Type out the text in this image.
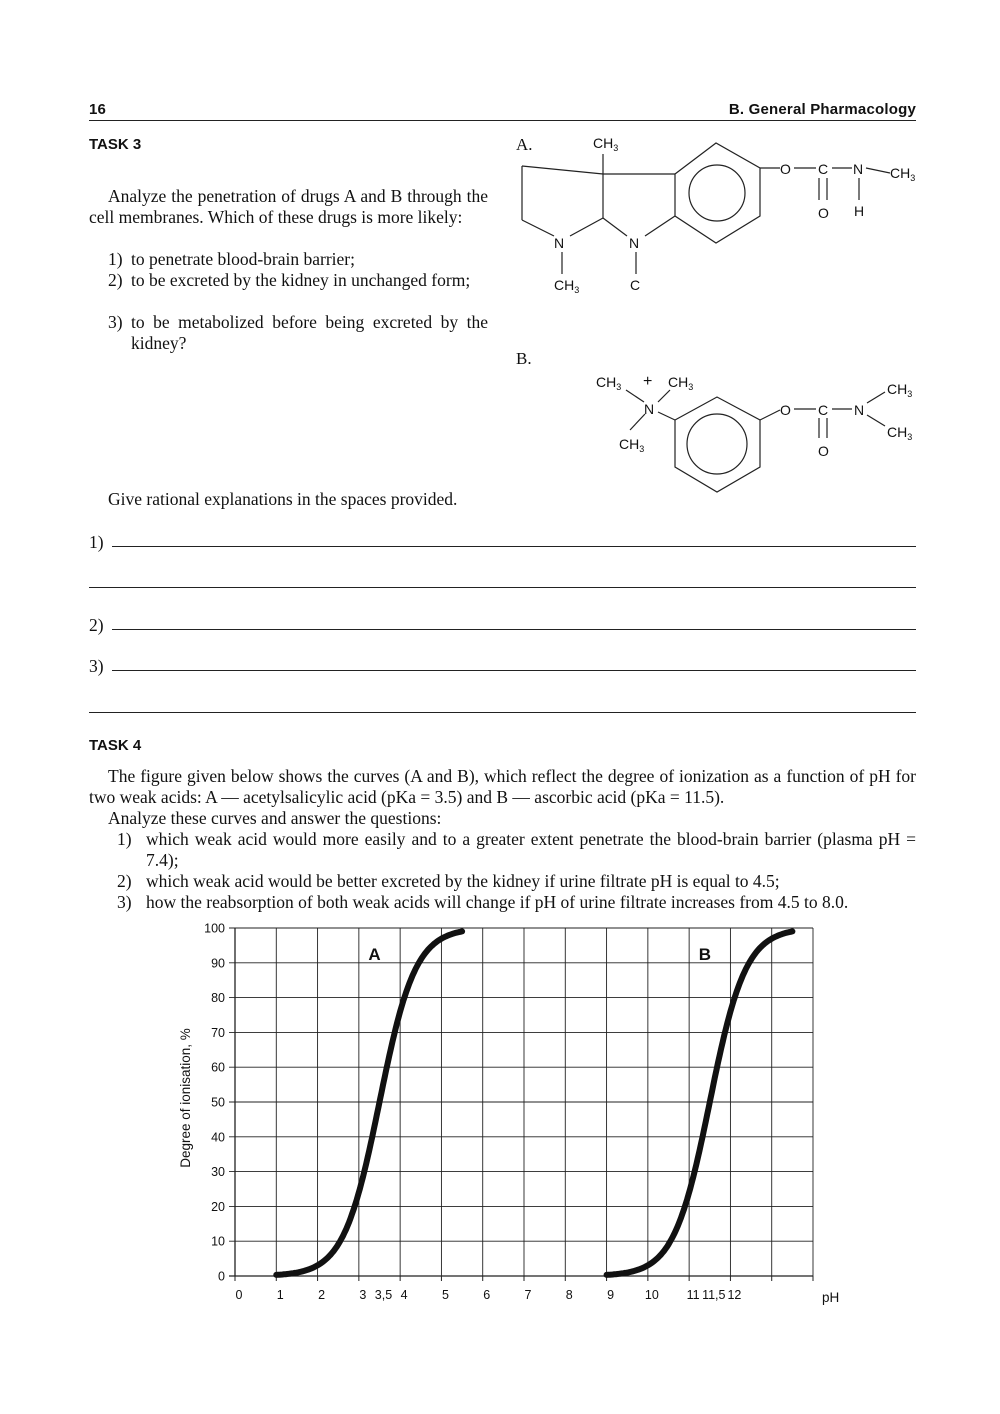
16	B. General Pharmacology
TASK 3
Analyze the penetration of drugs A and B through the cell membranes. Which of these drugs is more likely:
1) to penetrate blood-brain barrier;
2) to be excreted by the kidney in unchanged form;
3) to be metabolized before being excreted by the kidney?
A.	$CH_3$
N	N
$CH_3$	C
O C N $CH_3$
O H
B.
$CH_3 + CH_3$
N
$CH_3$
O C N
$CH_3$
$CH_3$
O
Give rational explanations in the spaces provided.
1)
2)
3)
TASK 4
The figure given below shows the curves (A and B), which reflect the degree of ionization as a function of pH for two weak acids: A — acetylsalicylic acid (pKa = 3.5) and B — ascorbic acid (pKa = 11.5).
Analyze these curves and answer the questions:
1) which weak acid would more easily and to a greater extent penetrate the blood-brain barrier (plasma pH = 7.4);
2) which weak acid would be better excreted by the kidney if urine filtrate pH is equal to 4.5;
3) how the reabsorption of both weak acids will change if pH of urine filtrate increases from 4.5 to 8.0.
0
10
20
30
40
50
60
70
80
90
100
0	1	2	3 3,5 4	5	6	7	8	9 10 11 11,5 12
A	B
Degree of ionisation, %
pH
